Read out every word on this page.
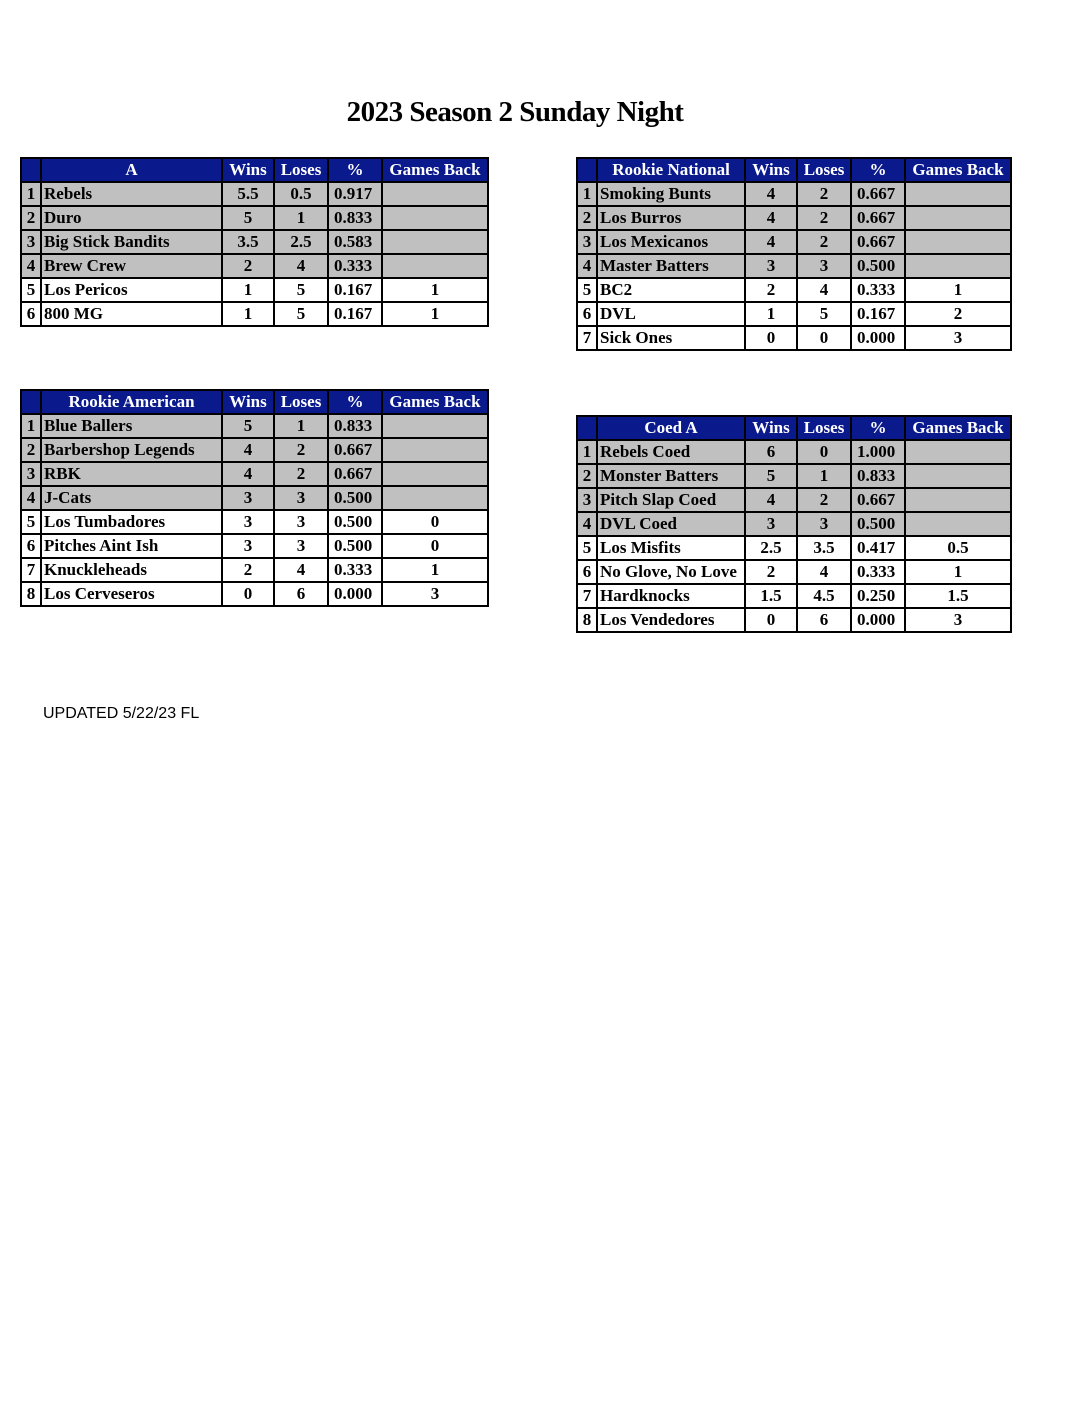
2023 Season 2 Sunday Night
	A	Wins	Loses	%	Games Back
1	Rebels	5.5	0.5	0.917	
2	Duro	5	1	0.833	
3	Big Stick Bandits	3.5	2.5	0.583	
4	Brew Crew	2	4	0.333	
5	Los Pericos	1	5	0.167	1
6	800 MG	1	5	0.167	1
	Rookie National	Wins	Loses	%	Games Back
1	Smoking Bunts	4	2	0.667	
2	Los Burros	4	2	0.667	
3	Los Mexicanos	4	2	0.667	
4	Master Batters	3	3	0.500	
5	BC2	2	4	0.333	1
6	DVL	1	5	0.167	2
7	Sick Ones	0	0	0.000	3
	Rookie American	Wins	Loses	%	Games Back
1	Blue Ballers	5	1	0.833	
2	Barbershop Legends	4	2	0.667	
3	RBK	4	2	0.667	
4	J-Cats	3	3	0.500	
5	Los Tumbadores	3	3	0.500	0
6	Pitches Aint Ish	3	3	0.500	0
7	Knuckleheads	2	4	0.333	1
8	Los Cerveseros	0	6	0.000	3
	Coed A	Wins	Loses	%	Games Back
1	Rebels Coed	6	0	1.000	
2	Monster Batters	5	1	0.833	
3	Pitch Slap Coed	4	2	0.667	
4	DVL Coed	3	3	0.500	
5	Los Misfits	2.5	3.5	0.417	0.5
6	No Glove, No Love	2	4	0.333	1
7	Hardknocks	1.5	4.5	0.250	1.5
8	Los Vendedores	0	6	0.000	3
UPDATED 5/22/23 FL
